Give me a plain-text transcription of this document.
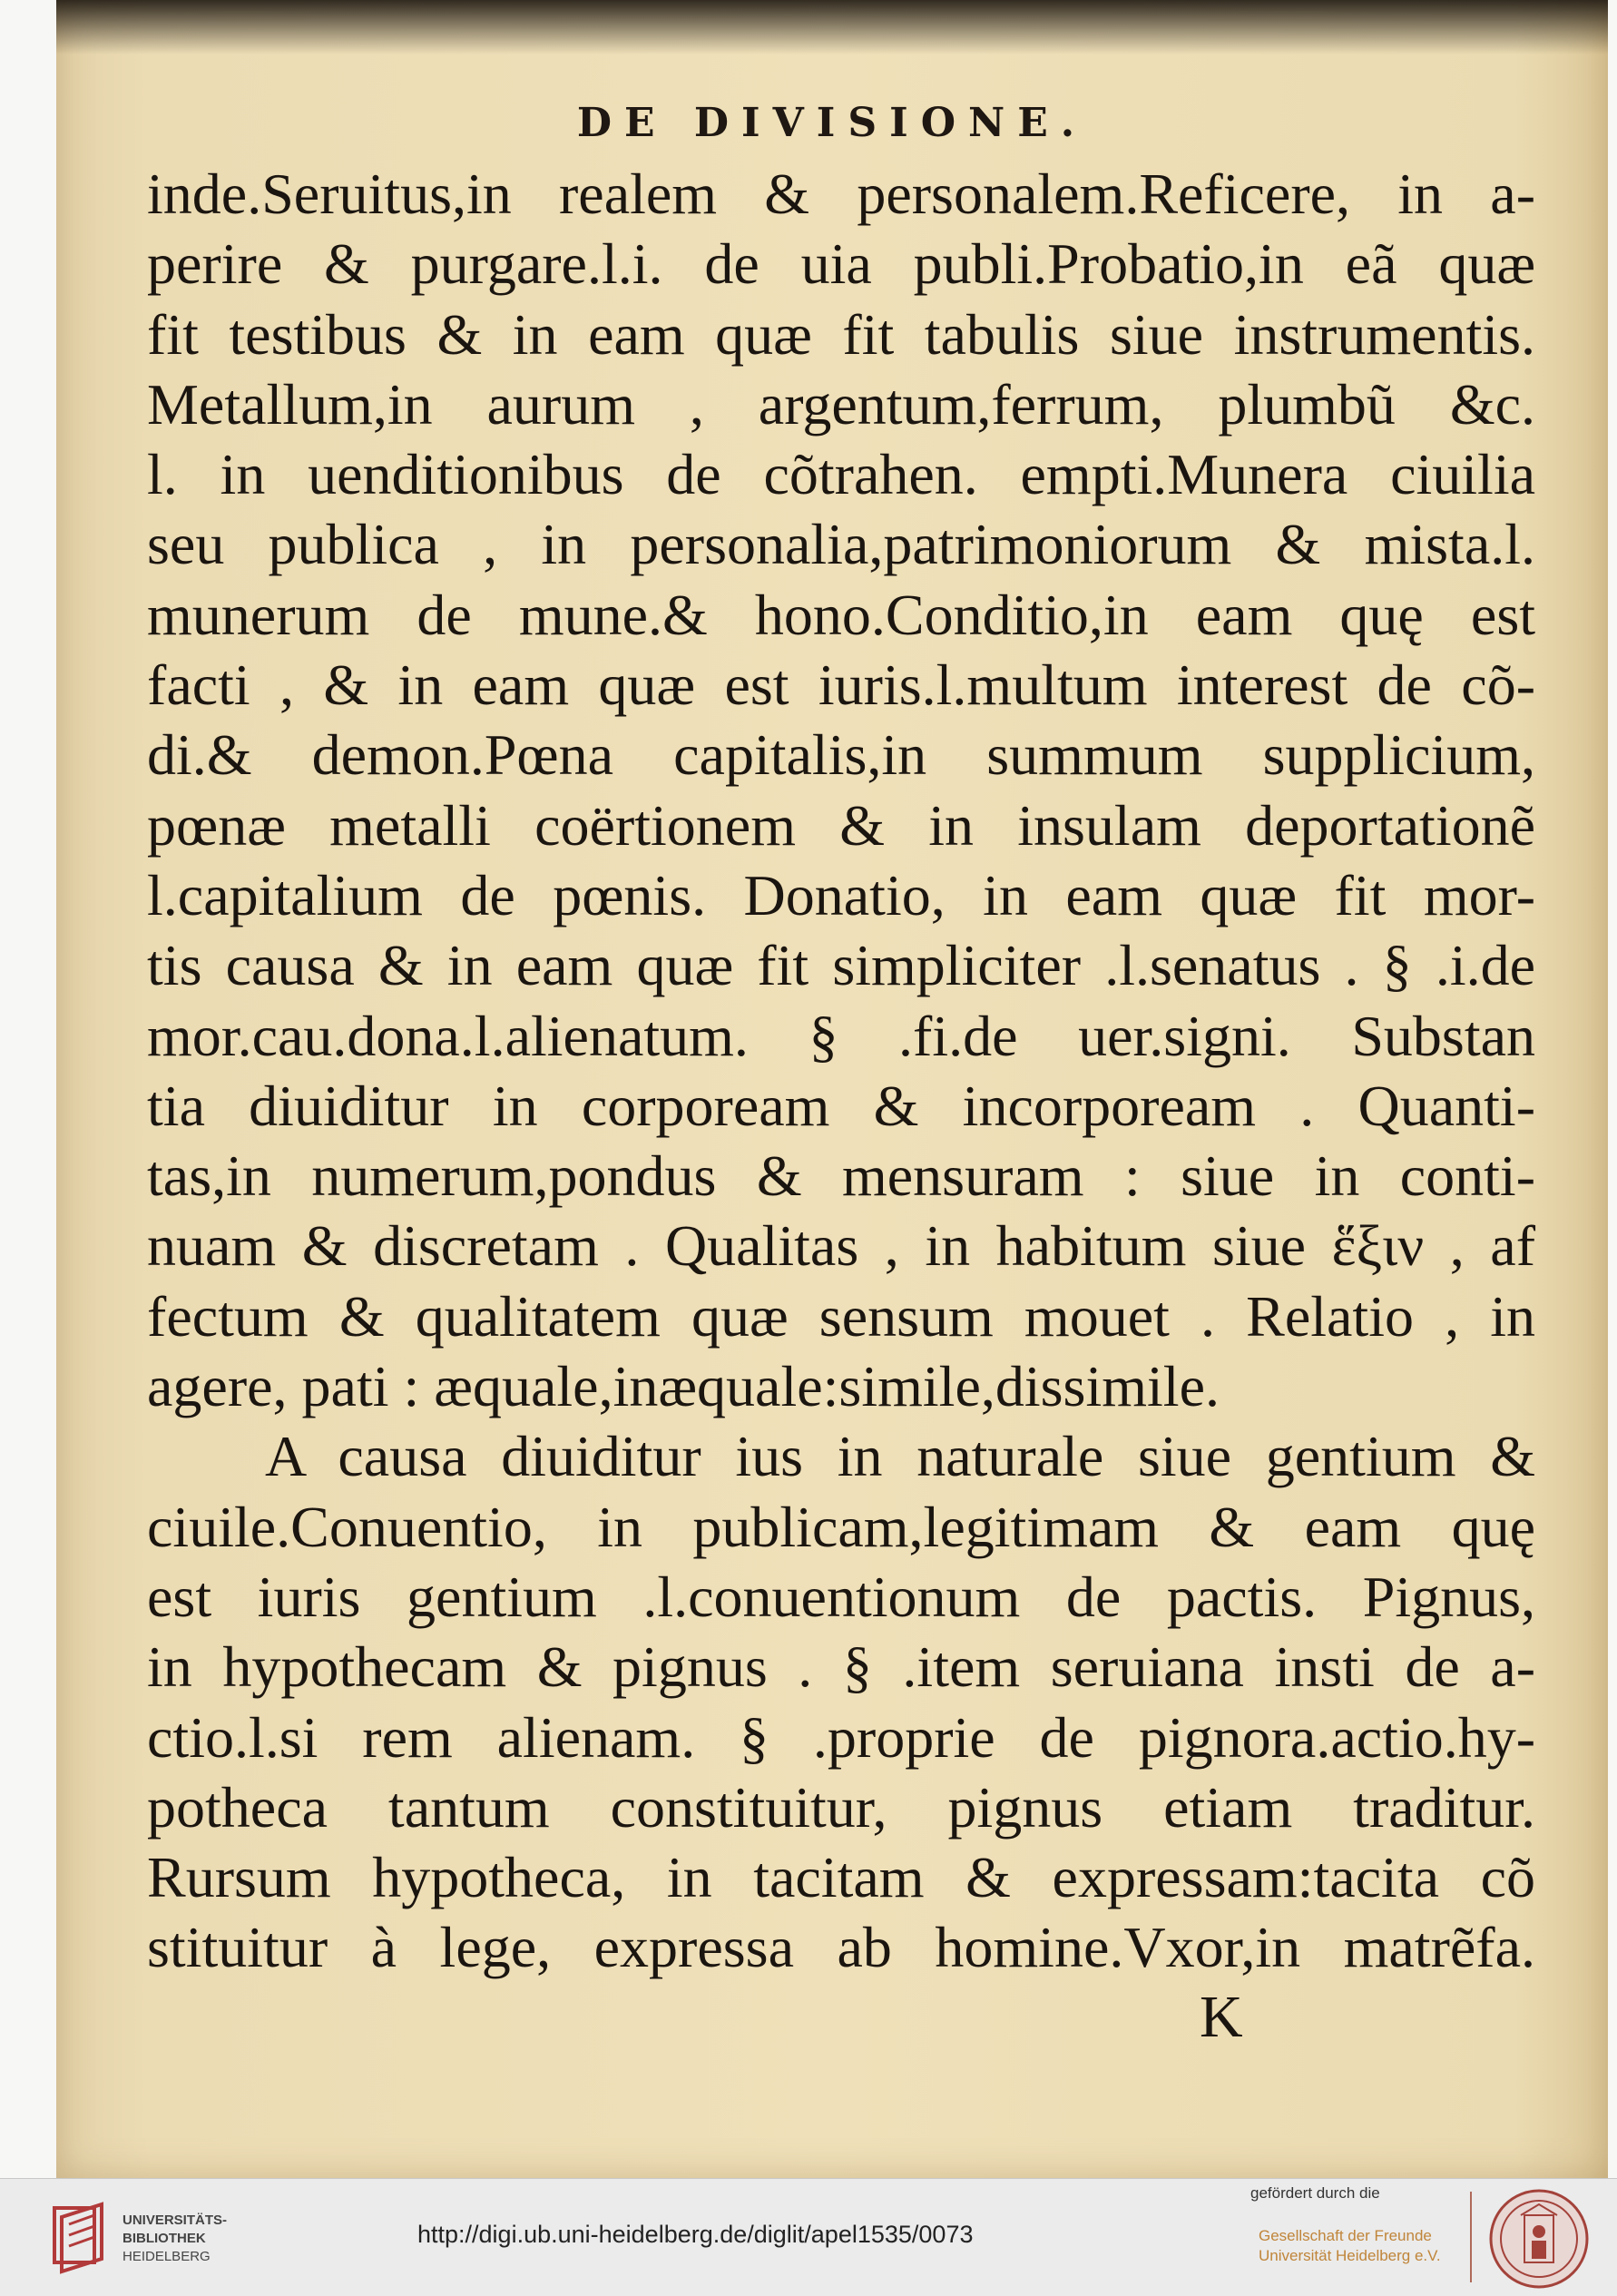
DE DIVISIONE.
inde.Seruitus,in realem & personalem.Reficere, in a-
perire & purgare.l.i. de uia publi.Probatio,in eã quæ
fit testibus & in eam quæ fit tabulis siue instrumentis.
Metallum,in aurum , argentum,ferrum, plumbũ &c.
l. in uenditionibus de cõtrahen. empti.Munera ciuilia
seu publica , in personalia,patrimoniorum & mista.l.
munerum de mune.& hono.Conditio,in eam quę est
facti , & in eam quæ est iuris.l.multum interest de cõ-
di.& demon.Pœna capitalis,in summum supplicium,
pœnæ metalli coërtionem & in insulam deportationẽ
l.capitalium de pœnis. Donatio, in eam quæ fit mor-
tis causa & in eam quæ fit simpliciter .l.senatus . § .i.de
mor.cau.dona.l.alienatum. § .fi.de uer.signi. Substan
tia diuiditur in corpoream & incorpoream . Quanti-
tas,in numerum,pondus & mensuram : siue in conti-
nuam & discretam . Qualitas , in habitum siue ἕξιν , af
fectum & qualitatem quæ sensum mouet . Relatio , in
agere, pati : æquale,inæquale:simile,dissimile.
A causa diuiditur ius in naturale siue gentium &
ciuile.Conuentio, in publicam,legitimam & eam quę
est iuris gentium .l.conuentionum de pactis. Pignus,
in hypothecam & pignus . § .item seruiana insti de a-
ctio.l.si rem alienam. § .proprie de pignora.actio.hy-
potheca tantum constituitur, pignus etiam traditur.
Rursum hypotheca, in tacitam & expressam:tacita cõ
stituitur à lege, expressa ab homine.Vxor,in matrẽfa.
K
UNIVERSITÄTS-
BIBLIOTHEK
HEIDELBERG
http://digi.ub.uni-heidelberg.de/diglit/apel1535/0073
gefördert durch die
Gesellschaft der Freunde
Universität Heidelberg e.V.
